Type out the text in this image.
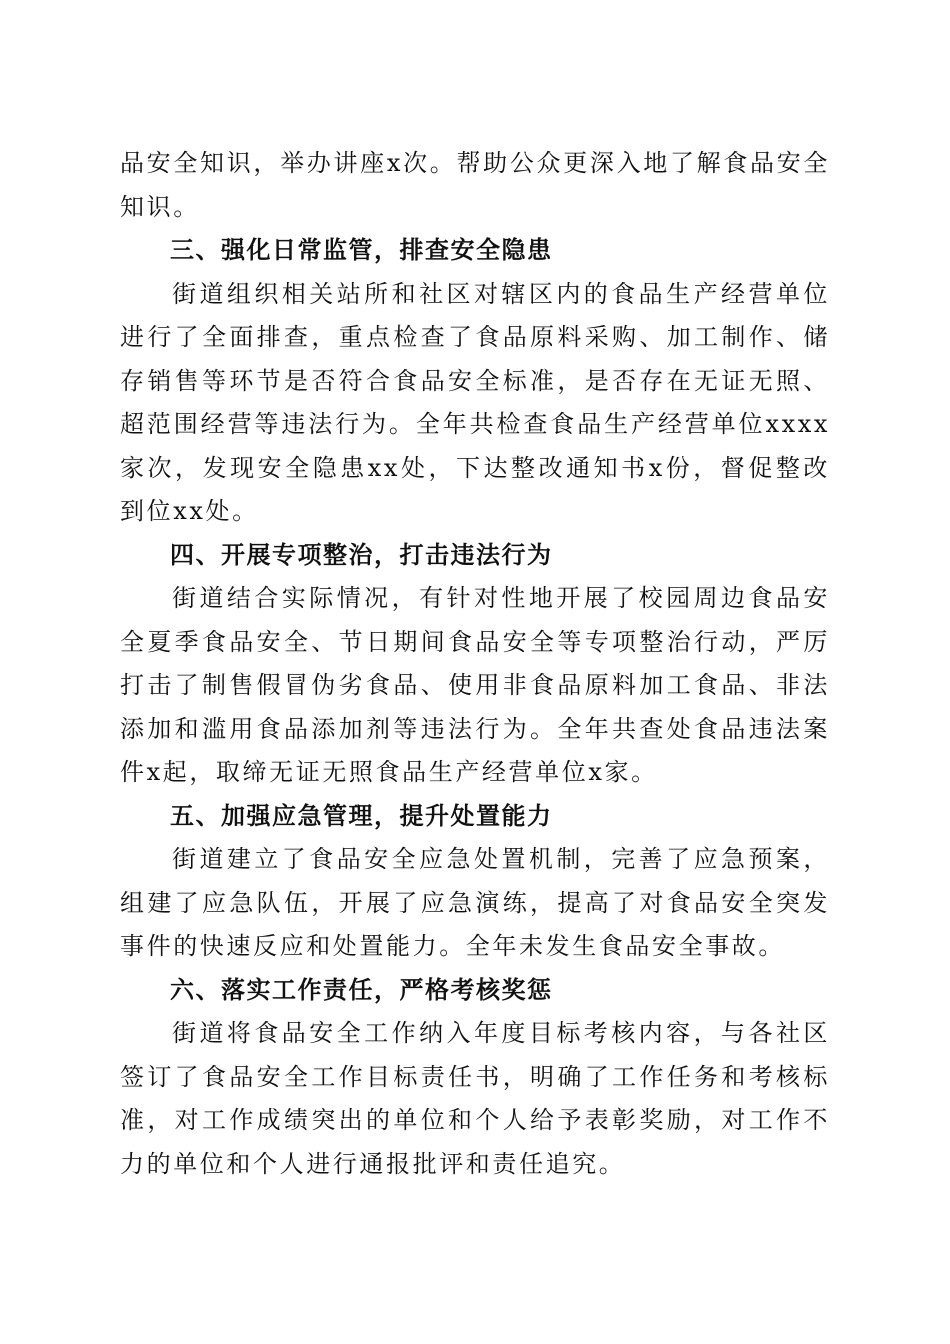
品安全知识，举办讲座x次。帮助公众更深入地了解食品安全知识。

三、强化日常监管，排查安全隐患

街道组织相关站所和社区对辖区内的食品生产经营单位进行了全面排查，重点检查了食品原料采购、加工制作、储存销售等环节是否符合食品安全标准，是否存在无证无照、超范围经营等违法行为。全年共检查食品生产经营单位xxxx家次，发现安全隐患xx处，下达整改通知书x份，督促整改到位xx处。

四、开展专项整治，打击违法行为

街道结合实际情况，有针对性地开展了校园周边食品安全夏季食品安全、节日期间食品安全等专项整治行动，严厉打击了制售假冒伪劣食品、使用非食品原料加工食品、非法添加和滥用食品添加剂等违法行为。全年共查处食品违法案件x起，取缔无证无照食品生产经营单位x家。

五、加强应急管理，提升处置能力

街道建立了食品安全应急处置机制，完善了应急预案，组建了应急队伍，开展了应急演练，提高了对食品安全突发事件的快速反应和处置能力。全年未发生食品安全事故。

六、落实工作责任，严格考核奖惩

街道将食品安全工作纳入年度目标考核内容，与各社区签订了食品安全工作目标责任书，明确了工作任务和考核标准，对工作成绩突出的单位和个人给予表彰奖励，对工作不力的单位和个人进行通报批评和责任追究。
